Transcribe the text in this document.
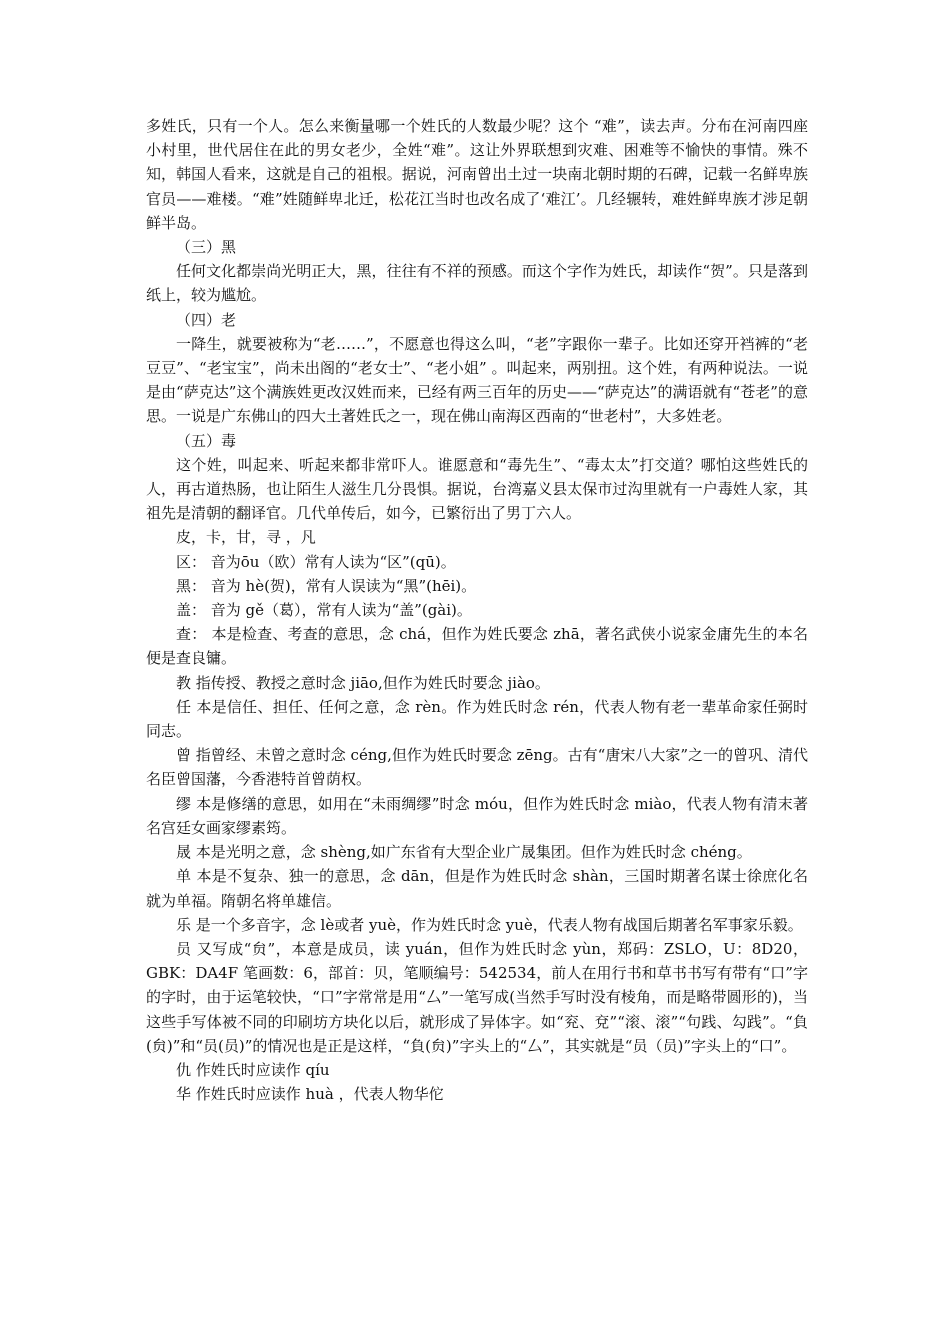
多姓氏，只有一个人。怎么来衡量哪一个姓氏的人数最少呢？这个 “难”，读去声。分布在河南四座小村里，世代居住在此的男女老少，全姓“难”。这让外界联想到灾难、困难等不愉快的事情。殊不知，韩国人看来，这就是自己的祖根。据说，河南曾出土过一块南北朝时期的石碑，记载一名鲜卑族官员——难楼。“难”姓随鲜卑北迁，松花江当时也改名成了‘难江’。几经辗转，难姓鲜卑族才涉足朝鲜半岛。

（三）黑

任何文化都崇尚光明正大，黑，往往有不祥的预感。而这个字作为姓氏，却读作“贺”。只是落到纸上，较为尴尬。

（四）老

一降生，就要被称为“老……”，不愿意也得这么叫，“老”字跟你一辈子。比如还穿开裆裤的“老豆豆”、“老宝宝”，尚未出阁的“老女士”、“老小姐” 。叫起来，两别扭。这个姓，有两种说法。一说是由“萨克达”这个满族姓更改汉姓而来，已经有两三百年的历史——“萨克达”的满语就有“苍老”的意思。一说是广东佛山的四大土著姓氏之一，现在佛山南海区西南的“世老村”，大多姓老。

（五）毒

这个姓，叫起来、听起来都非常吓人。谁愿意和“毒先生”、“毒太太”打交道？哪怕这些姓氏的人，再古道热肠，也让陌生人滋生几分畏惧。据说，台湾嘉义县太保市过沟里就有一户毒姓人家，其祖先是清朝的翻译官。几代单传后，如今，已繁衍出了男丁六人。

皮，卡，甘，寻 ，凡

区： 音为ōu（欧）常有人读为“区”(qū)。

黑： 音为 hè(贺)，常有人误读为“黑”(hēi)。

盖： 音为 gě（葛），常有人读为“盖”(gài)。

查： 本是检查、考查的意思，念 chá，但作为姓氏要念 zhā，著名武侠小说家金庸先生的本名便是查良镛。

教 指传授、教授之意时念 jiāo,但作为姓氏时要念 jiào。

任 本是信任、担任、任何之意，念 rèn。作为姓氏时念 rén，代表人物有老一辈革命家任弼时同志。

曾 指曾经、未曾之意时念 céng,但作为姓氏时要念 zēng。古有“唐宋八大家”之一的曾巩、清代名臣曾国藩，今香港特首曾荫权。

缪 本是修缮的意思，如用在“未雨绸缪”时念 móu，但作为姓氏时念 miào，代表人物有清末著名宫廷女画家缪素筠。

晟 本是光明之意，念 shèng,如广东省有大型企业广晟集团。但作为姓氏时念 chéng。

单 本是不复杂、独一的意思，念 dān，但是作为姓氏时念 shàn，三国时期著名谋士徐庶化名就为单福。隋朝名将单雄信。

乐 是一个多音字，念 lè或者 yuè，作为姓氏时念 yuè，代表人物有战国后期著名军事家乐毅。

员 又写成“贠”，本意是成员，读 yuán，但作为姓氏时念 yùn，郑码：ZSLO，U：8D20，GBK：DA4F 笔画数：6，部首：贝，笔顺编号：542534，前人在用行书和草书书写有带有“口”字的字时，由于运笔较快，“口”字常常是用“厶”一笔写成(当然手写时没有棱角，而是略带圆形的)，当这些手写体被不同的印刷坊方块化以后，就形成了异体字。如“兖、兗”“滚、滚”“句践、勾践”。“負(贠)”和“员(员)”的情况也是正是这样，“負(贠)”字头上的“厶”，其实就是“员（员)”字头上的“口”。

仇 作姓氏时应读作 qíu

华 作姓氏时应读作 huà ，代表人物华佗
